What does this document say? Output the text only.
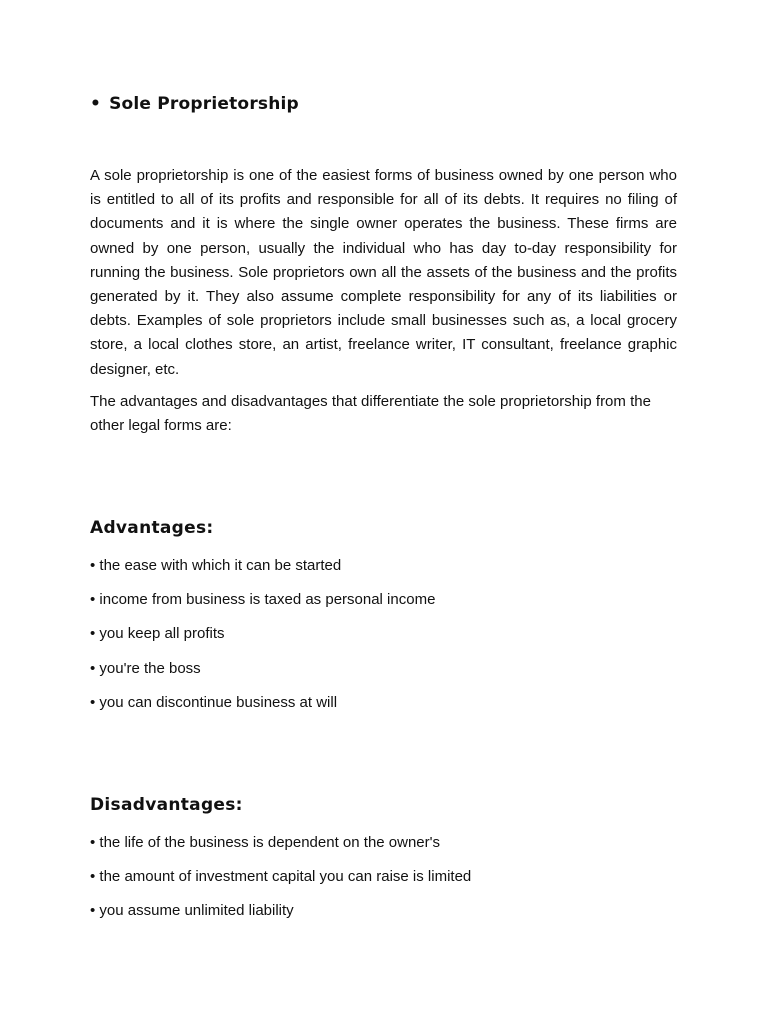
• Sole Proprietorship

A sole proprietorship is one of the easiest forms of business owned by one person who is entitled to all of its profits and responsible for all of its debts. It requires no filing of documents and it is where the single owner operates the business. These firms are owned by one person, usually the individual who has day to-day responsibility for running the business. Sole proprietors own all the assets of the business and the profits generated by it. They also assume complete responsibility for any of its liabilities or debts. Examples of sole proprietors include small businesses such as, a local grocery store, a local clothes store, an artist, freelance writer, IT consultant, freelance graphic designer, etc.

The advantages and disadvantages that differentiate the sole proprietorship from the other legal forms are:

Advantages:
• the ease with which it can be started
• income from business is taxed as personal income
• you keep all profits
• you're the boss
• you can discontinue business at will
Disadvantages:
• the life of the business is dependent on the owner's
• the amount of investment capital you can raise is limited
• you assume unlimited liability
